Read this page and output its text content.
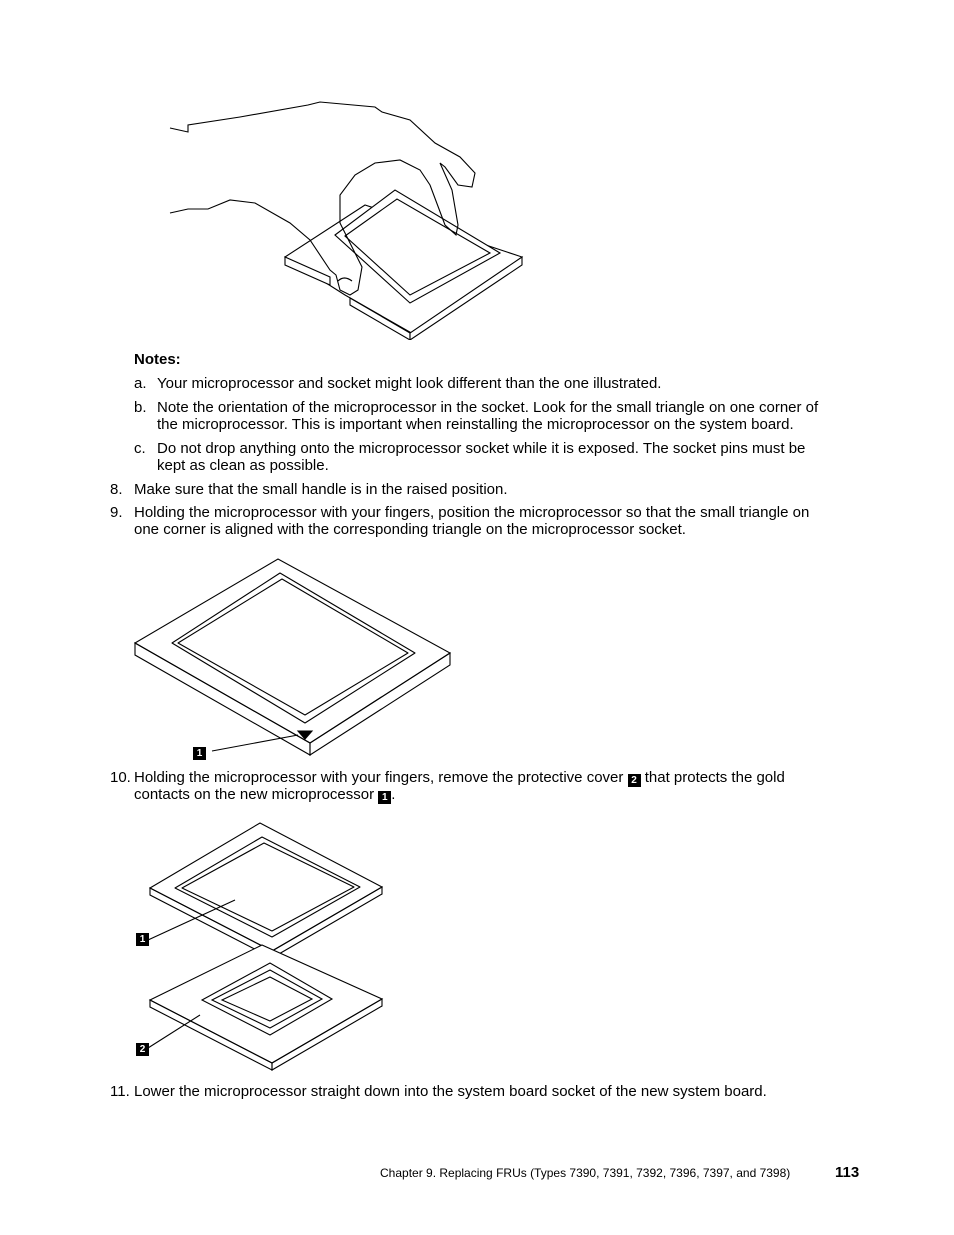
Notes:
a. Your microprocessor and socket might look different than the one illustrated.
b. Note the orientation of the microprocessor in the socket. Look for the small triangle on one corner of
the microprocessor. This is important when reinstalling the microprocessor on the system board.
c. Do not drop anything onto the microprocessor socket while it is exposed. The socket pins must be
kept as clean as possible.
8. Make sure that the small handle is in the raised position.
9. Holding the microprocessor with your fingers, position the microprocessor so that the small triangle on
one corner is aligned with the corresponding triangle on the microprocessor socket.
1
10. Holding the microprocessor with your fingers, remove the protective cover 2 that protects the gold
contacts on the new microprocessor 1 .
1
2
11. Lower the microprocessor straight down into the system board socket of the new system board.
Chapter 9. Replacing FRUs (Types 7390, 7391, 7392, 7396, 7397, and 7398)	113
